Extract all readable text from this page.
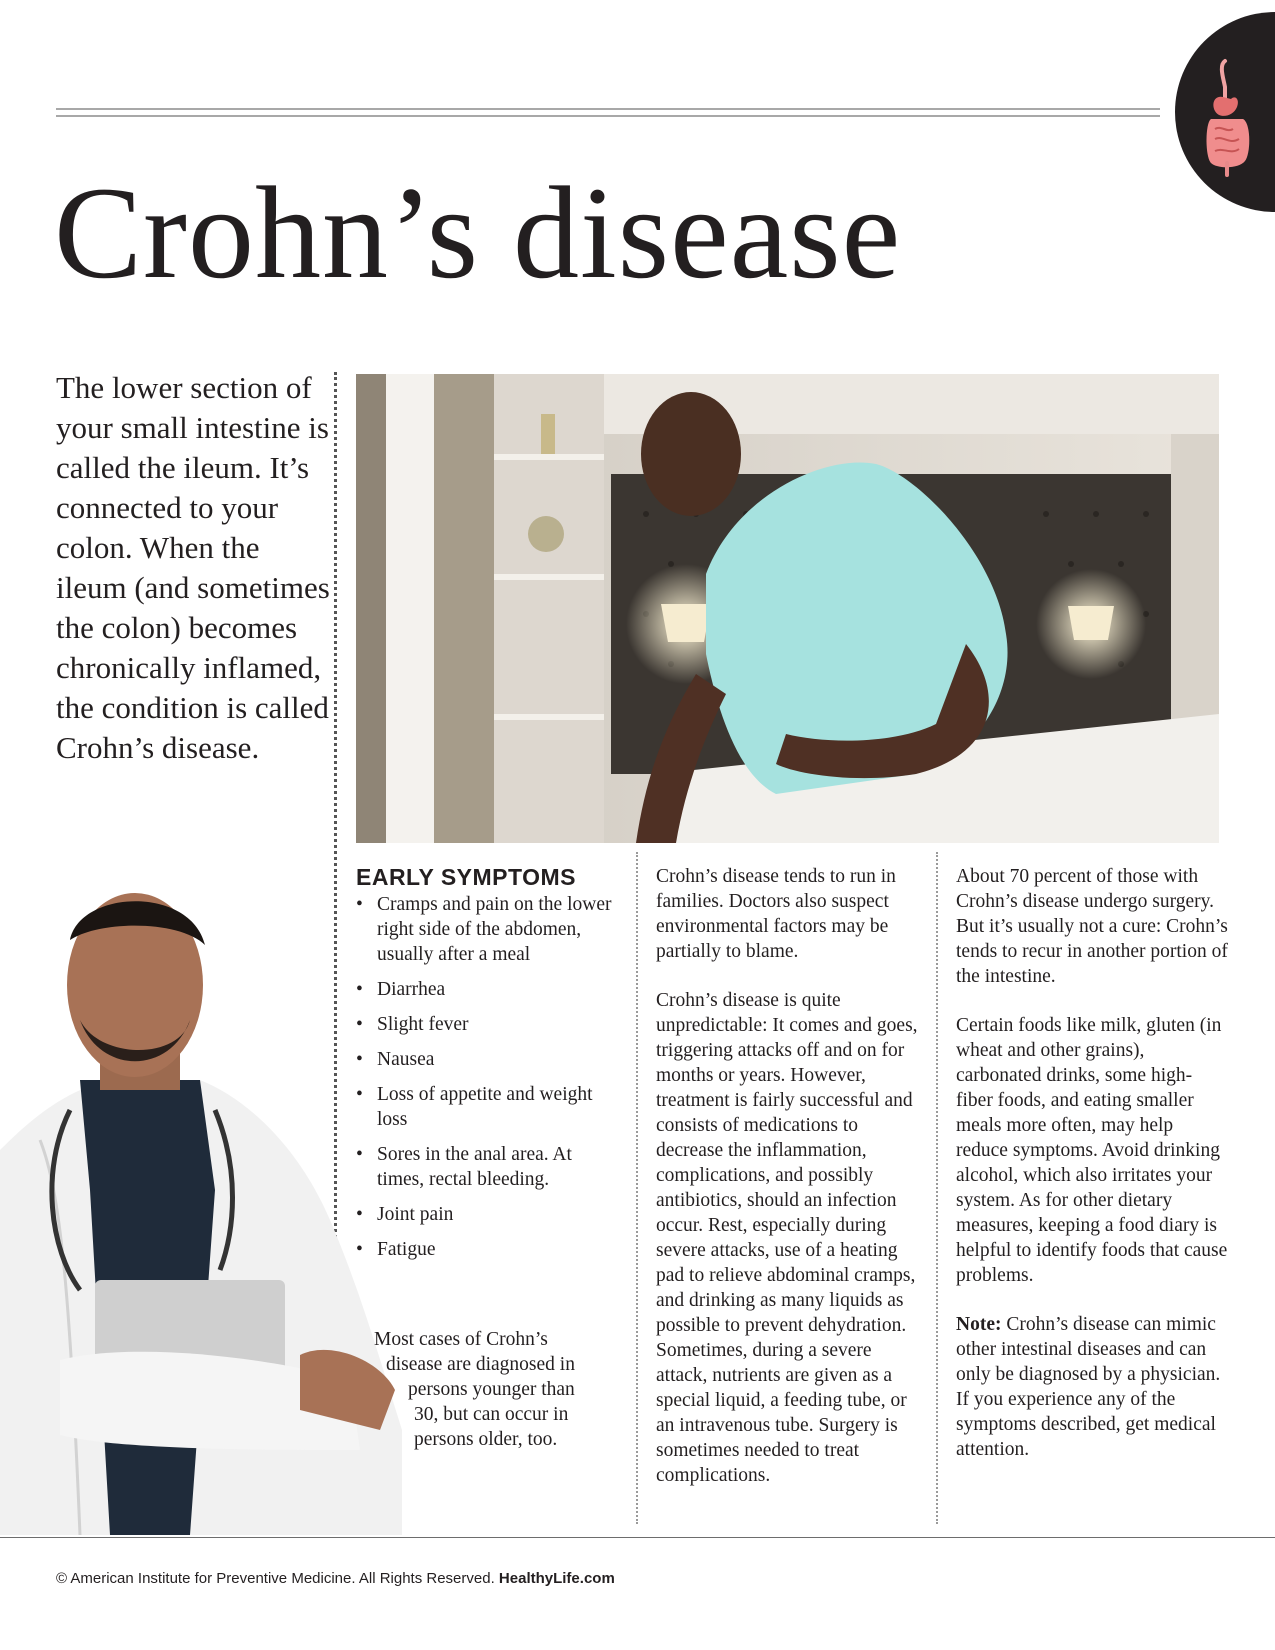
Crohn’s disease

The lower section of your small intestine is called the ileum. It’s connected to your colon. When the ileum (and sometimes the colon) becomes chronically inflamed, the condition is called Crohn’s disease.

EARLY SYMPTOMS
• Cramps and pain on the lower right side of the abdomen, usually after a meal
• Diarrhea
• Slight fever
• Nausea
• Loss of appetite and weight loss
• Sores in the anal area. At times, rectal bleeding.
• Joint pain
• Fatigue

Most cases of Crohn’s
disease are diagnosed in
persons younger than
30, but can occur in
persons older, too.

Crohn’s disease tends to run in families. Doctors also suspect environmental factors may be partially to blame.

Crohn’s disease is quite unpredictable: It comes and goes, triggering attacks off and on for months or years. However, treatment is fairly successful and consists of medications to decrease the inflammation, complications, and possibly antibiotics, should an infection occur. Rest, especially during severe attacks, use of a heating pad to relieve abdominal cramps, and drinking as many liquids as possible to prevent dehydration. Sometimes, during a severe attack, nutrients are given as a special liquid, a feeding tube, or an intravenous tube. Surgery is sometimes needed to treat complications.

About 70 percent of those with Crohn’s disease undergo surgery. But it’s usually not a cure: Crohn’s tends to recur in another portion of the intestine.

Certain foods like milk, gluten (in wheat and other grains), carbonated drinks, some high-fiber foods, and eating smaller meals more often, may help reduce symptoms. Avoid drinking alcohol, which also irritates your system. As for other dietary measures, keeping a food diary is helpful to identify foods that cause problems.

Note: Crohn’s disease can mimic other intestinal diseases and can only be diagnosed by a physician. If you experience any of the symptoms described, get medical attention.

© American Institute for Preventive Medicine. All Rights Reserved. HealthyLife.com
